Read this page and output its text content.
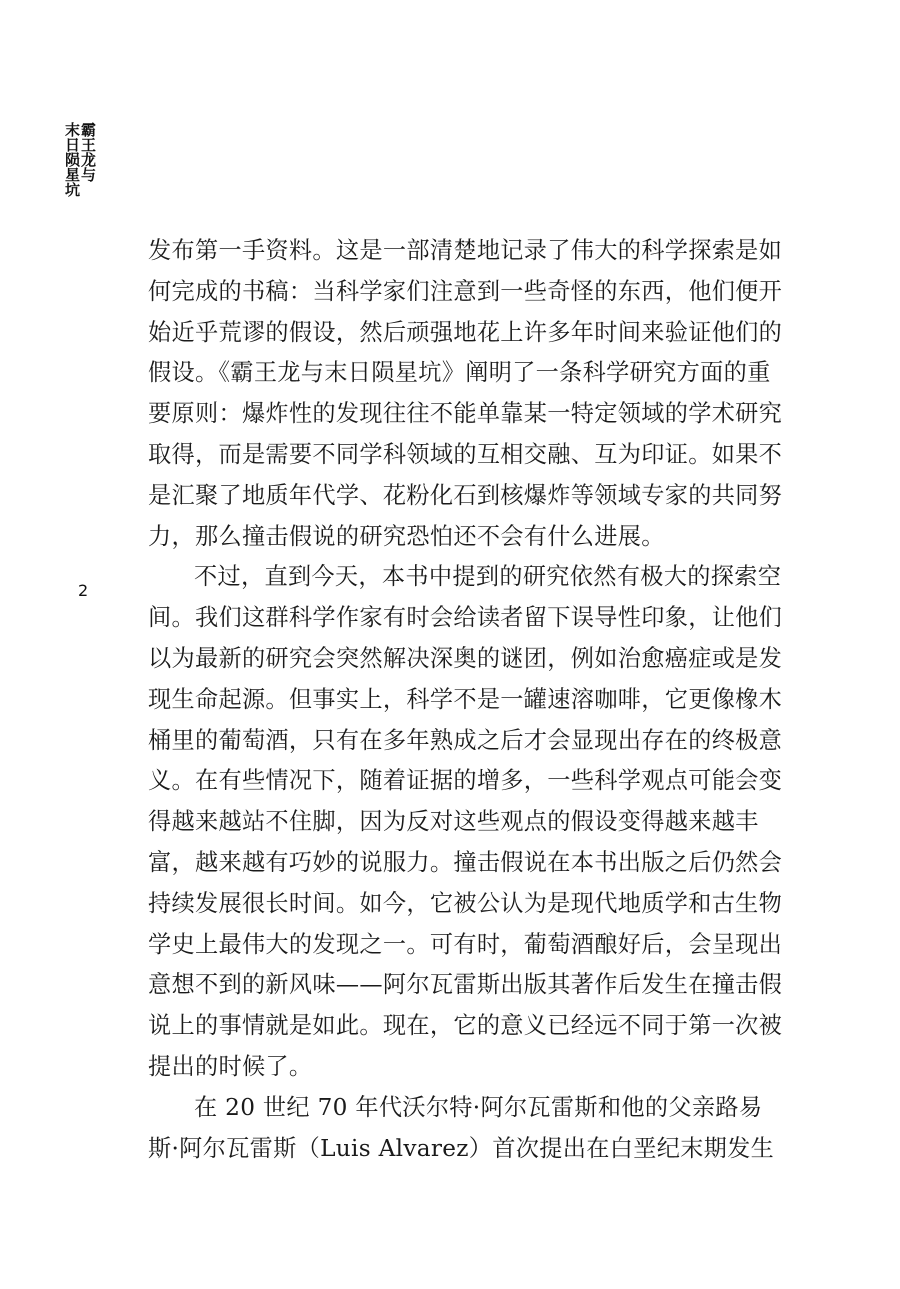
霸王龙与
末日陨星坑
2
发布第一手资料。这是一部清楚地记录了伟大的科学探索是如
何完成的书稿：当科学家们注意到一些奇怪的东西，他们便开
始近乎荒谬的假设，然后顽强地花上许多年时间来验证他们的
假设。《霸王龙与末日陨星坑》阐明了一条科学研究方面的重
要原则：爆炸性的发现往往不能单靠某一特定领域的学术研究
取得，而是需要不同学科领域的互相交融、互为印证。如果不
是汇聚了地质年代学、花粉化石到核爆炸等领域专家的共同努
力，那么撞击假说的研究恐怕还不会有什么进展。
不过，直到今天，本书中提到的研究依然有极大的探索空
间。我们这群科学作家有时会给读者留下误导性印象，让他们
以为最新的研究会突然解决深奥的谜团，例如治愈癌症或是发
现生命起源。但事实上，科学不是一罐速溶咖啡，它更像橡木
桶里的葡萄酒，只有在多年熟成之后才会显现出存在的终极意
义。在有些情况下，随着证据的增多，一些科学观点可能会变
得越来越站不住脚，因为反对这些观点的假设变得越来越丰
富，越来越有巧妙的说服力。撞击假说在本书出版之后仍然会
持续发展很长时间。如今，它被公认为是现代地质学和古生物
学史上最伟大的发现之一。可有时，葡萄酒酿好后，会呈现出
意想不到的新风味——阿尔瓦雷斯出版其著作后发生在撞击假
说上的事情就是如此。现在，它的意义已经远不同于第一次被
提出的时候了。
在 20 世纪 70 年代沃尔特·阿尔瓦雷斯和他的父亲路易
斯·阿尔瓦雷斯（Luis Alvarez）首次提出在白垩纪末期发生
